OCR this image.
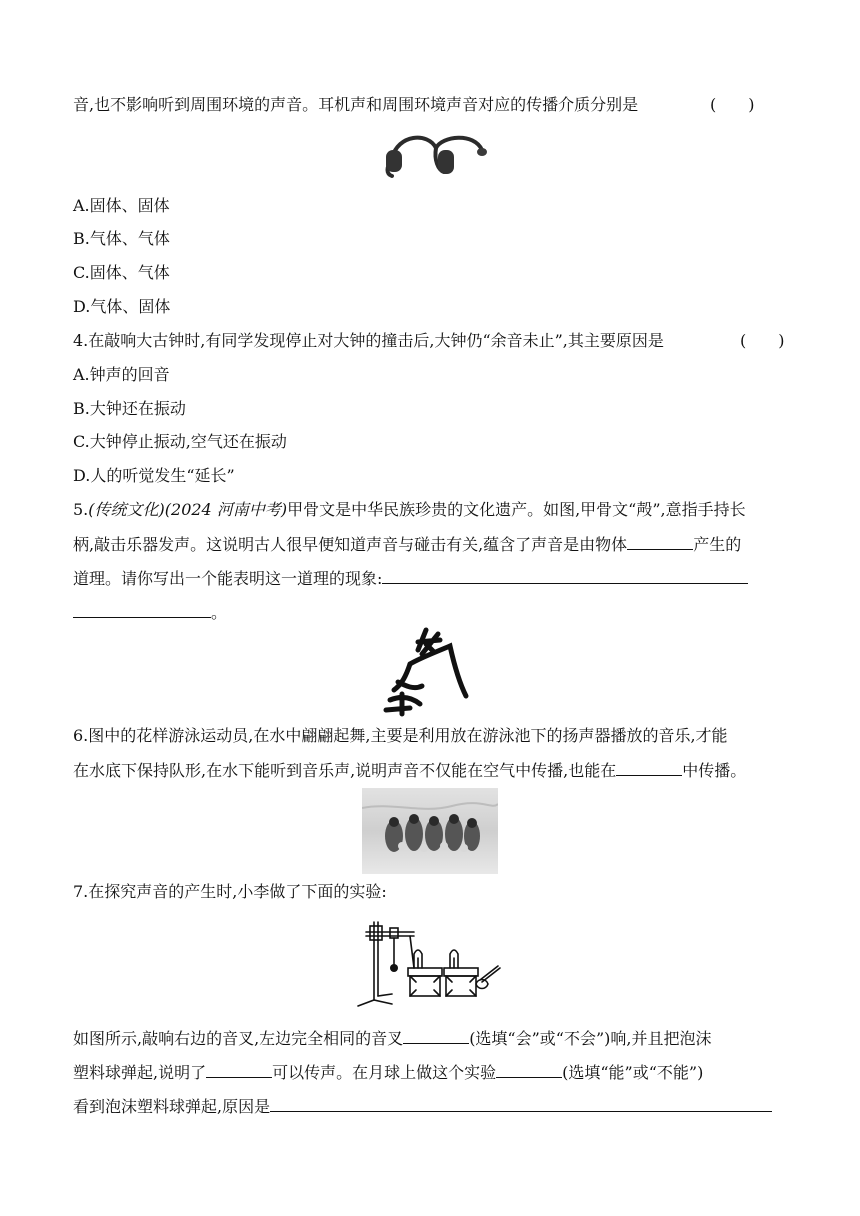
音,也不影响听到周围环境的声音。耳机声和周围环境声音对应的传播介质分别是	(　　)
A.固体、固体
B.气体、气体
C.固体、气体
D.气体、固体
4.在敲响大古钟时,有同学发现停止对大钟的撞击后,大钟仍“余音未止”,其主要原因是	(　　)
A.钟声的回音
B.大钟还在振动
C.大钟停止振动,空气还在振动
D.人的听觉发生“延长”
5.(传统文化)(2024 河南中考)甲骨文是中华民族珍贵的文化遗产。如图,甲骨文“殸”,意指手持长
柄,敲击乐器发声。这说明古人很早便知道声音与碰击有关,蕴含了声音是由物体	产生的
道理。请你写出一个能表明这一道理的现象:
。
6.图中的花样游泳运动员,在水中翩翩起舞,主要是利用放在游泳池下的扬声器播放的音乐,才能
在水底下保持队形,在水下能听到音乐声,说明声音不仅能在空气中传播,也能在	中传播。
7.在探究声音的产生时,小李做了下面的实验:
如图所示,敲响右边的音叉,左边完全相同的音叉	(选填“会”或“不会”)响,并且把泡沫
塑料球弹起,说明了	可以传声。在月球上做这个实验	(选填“能”或“不能”)
看到泡沫塑料球弹起,原因是
